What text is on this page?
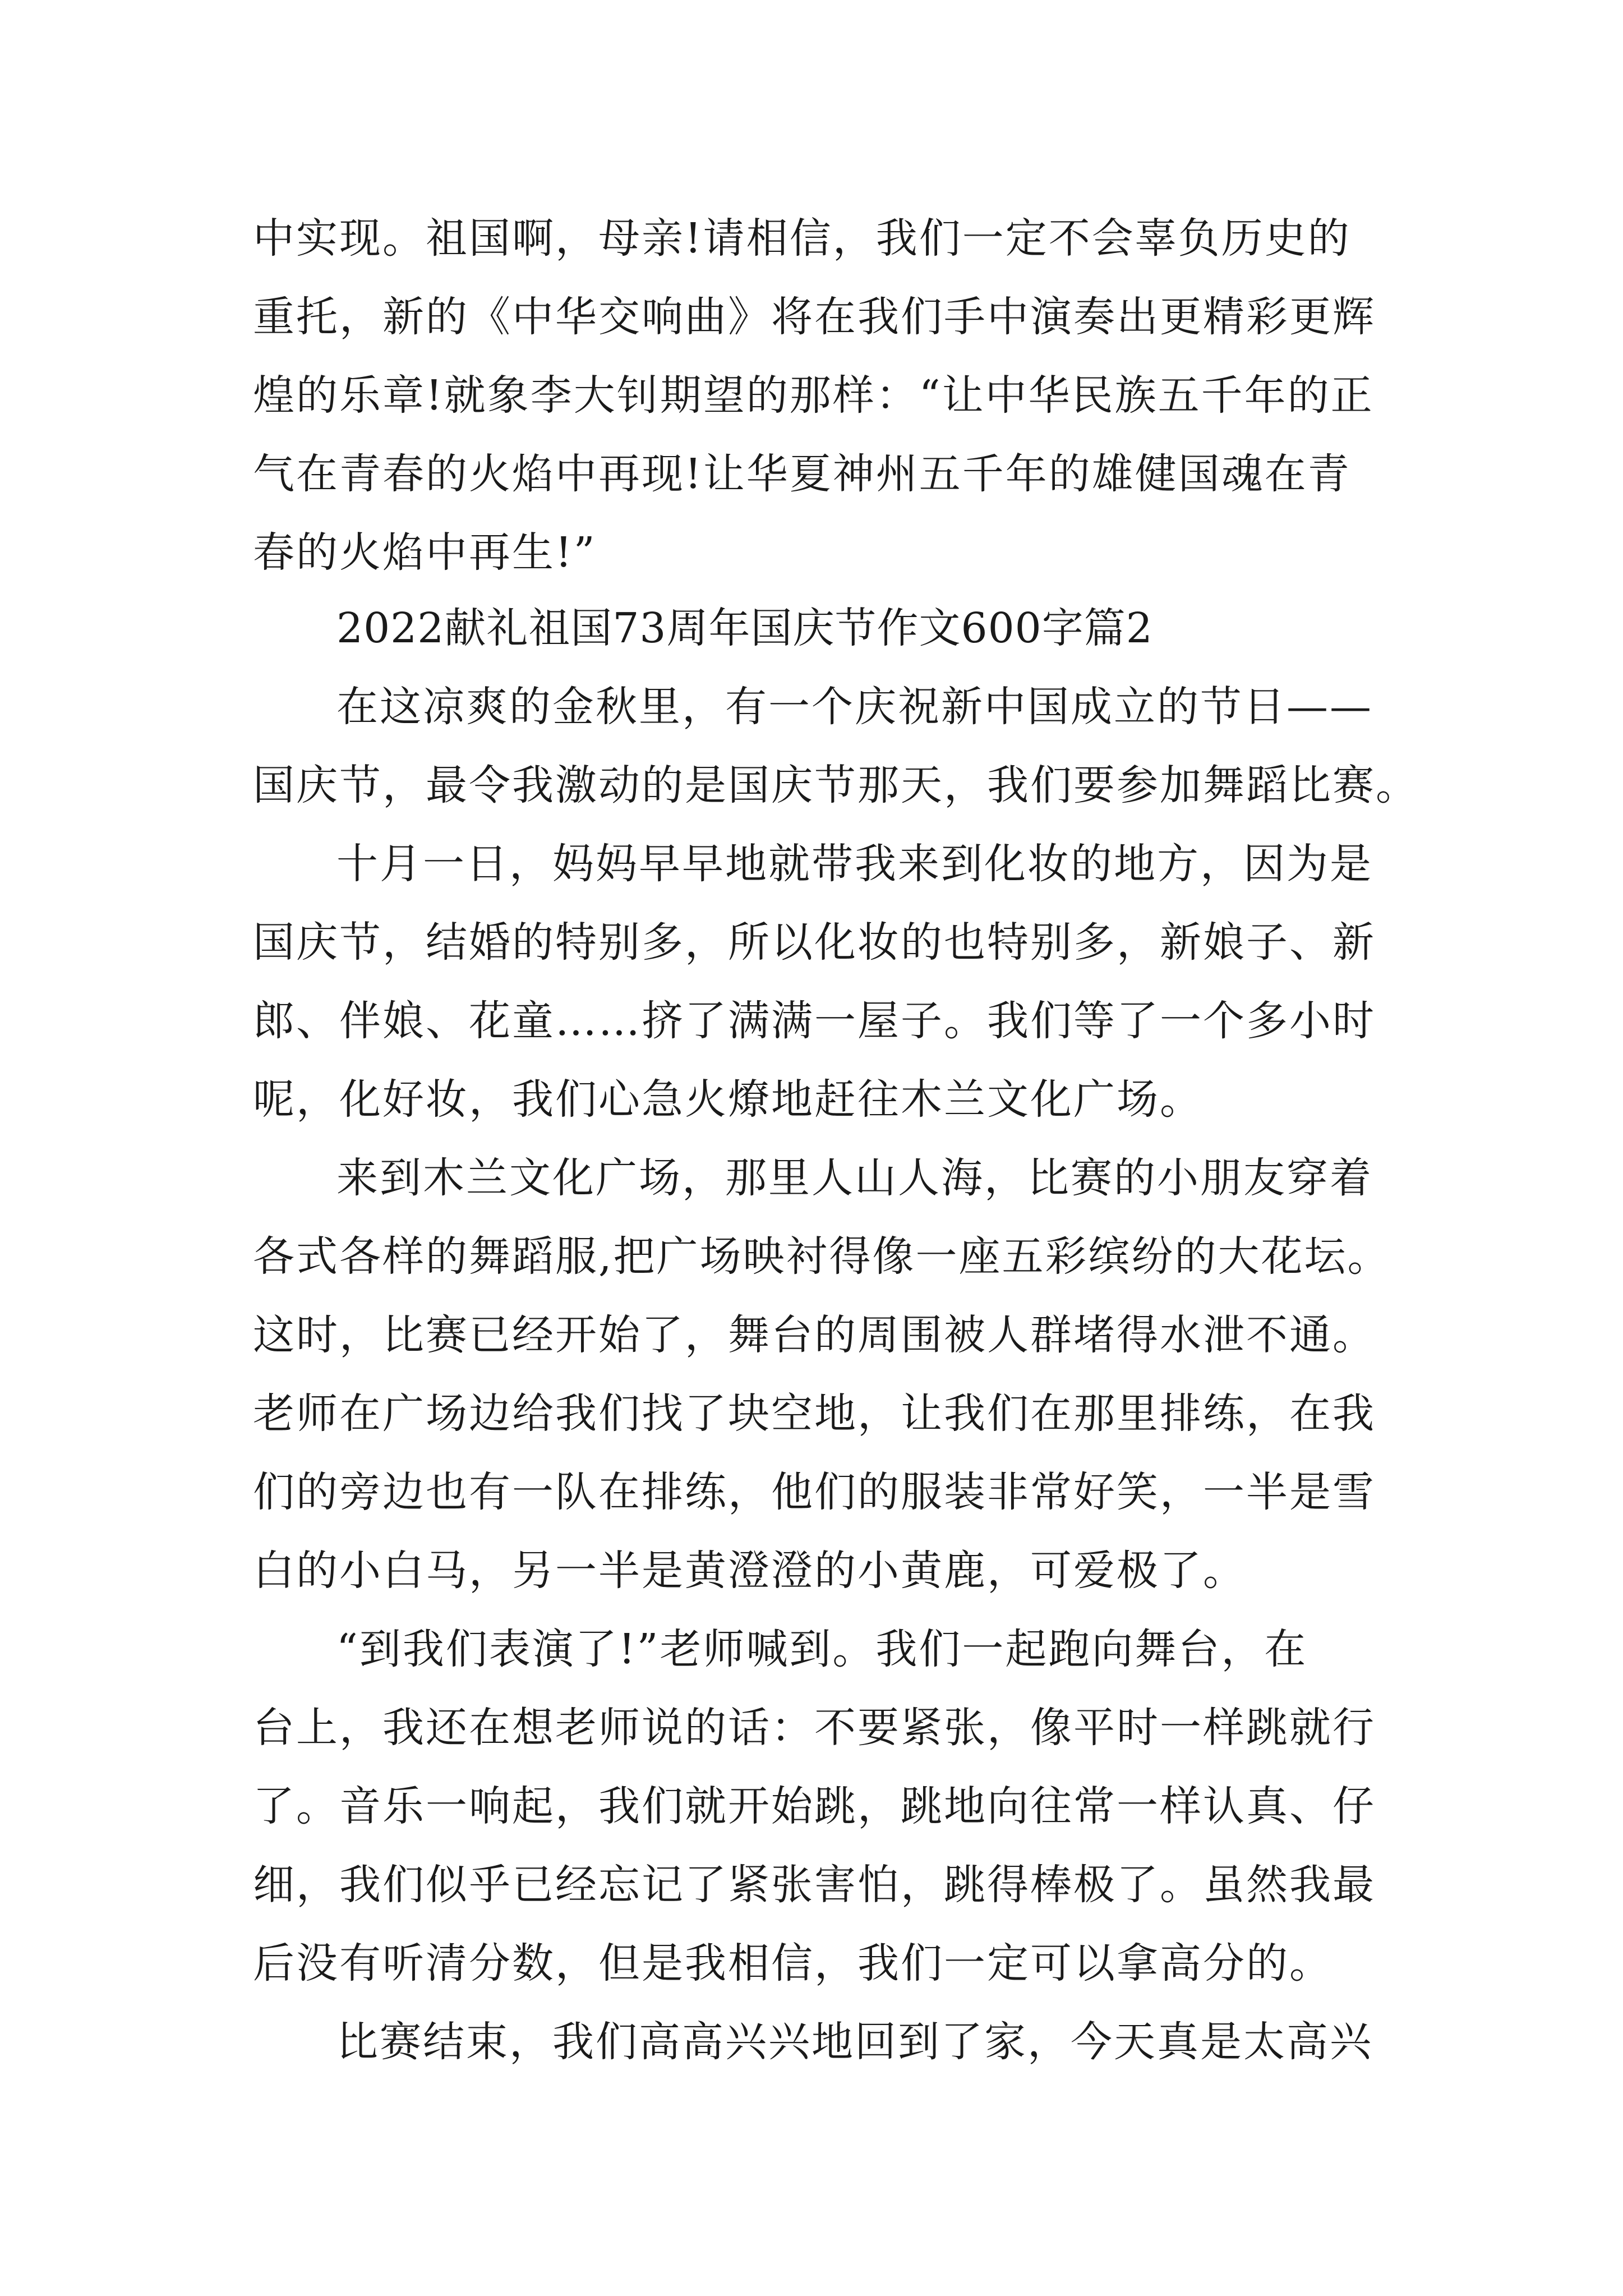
中实现。祖国啊，母亲!请相信，我们一定不会辜负历史的
重托，新的《中华交响曲》将在我们手中演奏出更精彩更辉
煌的乐章!就象李大钊期望的那样：“让中华民族五千年的正
气在青春的火焰中再现!让华夏神州五千年的雄健国魂在青
春的火焰中再生!”
2022献礼祖国73周年国庆节作文600字篇2
在这凉爽的金秋里，有一个庆祝新中国成立的节日——
国庆节，最令我激动的是国庆节那天，我们要参加舞蹈比赛。
十月一日，妈妈早早地就带我来到化妆的地方，因为是
国庆节，结婚的特别多，所以化妆的也特别多，新娘子、新
郎、伴娘、花童……挤了满满一屋子。我们等了一个多小时
呢，化好妆，我们心急火燎地赶往木兰文化广场。
来到木兰文化广场，那里人山人海，比赛的小朋友穿着
各式各样的舞蹈服,把广场映衬得像一座五彩缤纷的大花坛。
这时，比赛已经开始了，舞台的周围被人群堵得水泄不通。
老师在广场边给我们找了块空地，让我们在那里排练，在我
们的旁边也有一队在排练，他们的服装非常好笑，一半是雪
白的小白马，另一半是黄澄澄的小黄鹿，可爱极了。
“到我们表演了!”老师喊到。我们一起跑向舞台，在
台上，我还在想老师说的话：不要紧张，像平时一样跳就行
了。音乐一响起，我们就开始跳，跳地向往常一样认真、仔
细，我们似乎已经忘记了紧张害怕，跳得棒极了。虽然我最
后没有听清分数，但是我相信，我们一定可以拿高分的。
比赛结束，我们高高兴兴地回到了家，今天真是太高兴
